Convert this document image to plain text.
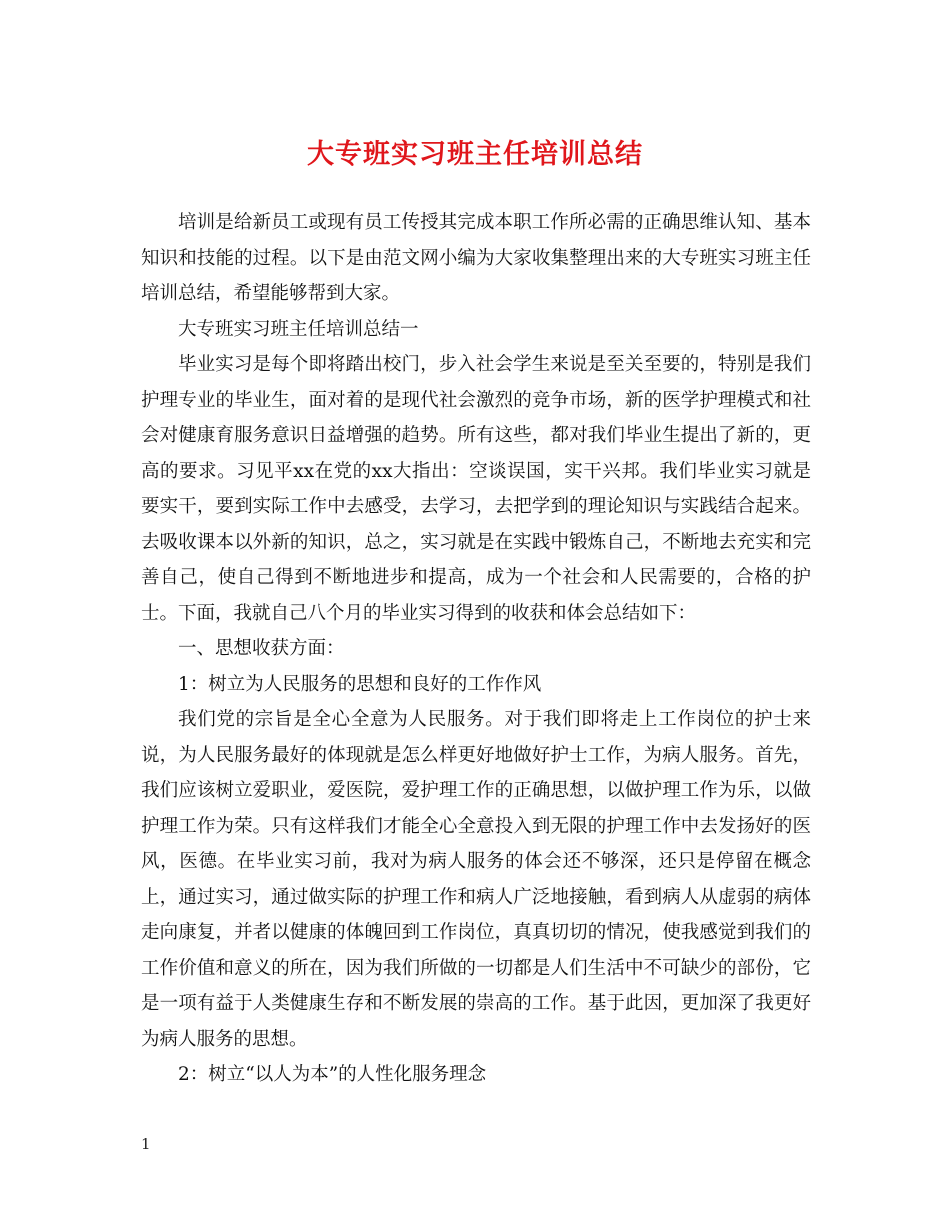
大专班实习班主任培训总结

培训是给新员工或现有员工传授其完成本职工作所必需的正确思维认知、基本知识和技能的过程。以下是由范文网小编为大家收集整理出来的大专班实习班主任培训总结，希望能够帮到大家。

大专班实习班主任培训总结一

毕业实习是每个即将踏出校门，步入社会学生来说是至关至要的，特别是我们护理专业的毕业生，面对着的是现代社会激烈的竞争市场，新的医学护理模式和社会对健康育服务意识日益增强的趋势。所有这些，都对我们毕业生提出了新的，更高的要求。习见平xx在党的xx大指出：空谈误国，实干兴邦。我们毕业实习就是要实干，要到实际工作中去感受，去学习，去把学到的理论知识与实践结合起来。去吸收课本以外新的知识，总之，实习就是在实践中锻炼自己，不断地去充实和完善自己，使自己得到不断地进步和提高，成为一个社会和人民需要的，合格的护士。下面，我就自己八个月的毕业实习得到的收获和体会总结如下：

一、思想收获方面：

1：树立为人民服务的思想和良好的工作作风

我们党的宗旨是全心全意为人民服务。对于我们即将走上工作岗位的护士来说，为人民服务最好的体现就是怎么样更好地做好护士工作，为病人服务。首先，我们应该树立爱职业，爱医院，爱护理工作的正确思想，以做护理工作为乐，以做护理工作为荣。只有这样我们才能全心全意投入到无限的护理工作中去发扬好的医风，医德。在毕业实习前，我对为病人服务的体会还不够深，还只是停留在概念上，通过实习，通过做实际的护理工作和病人广泛地接触，看到病人从虚弱的病体走向康复，并者以健康的体魄回到工作岗位，真真切切的情况，使我感觉到我们的工作价值和意义的所在，因为我们所做的一切都是人们生活中不可缺少的部份，它是一项有益于人类健康生存和不断发展的崇高的工作。基于此因，更加深了我更好为病人服务的思想。

2：树立“以人为本”的人性化服务理念

1
